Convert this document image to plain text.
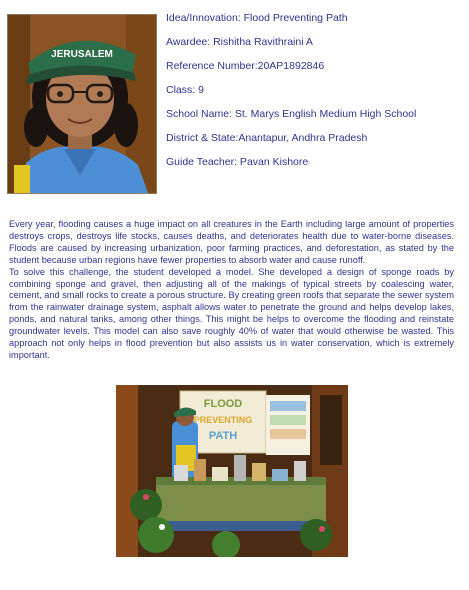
JERUSALEM
Idea/Innovation: Flood Preventing Path
Awardee: Rishitha Ravithraini A
Reference Number:20AP1892846
Class: 9
School Name: St. Marys English Medium High School
District & State:Anantapur, Andhra Pradesh
Guide Teacher: Pavan Kishore

Every year, flooding causes a huge impact on all creatures in the Earth including large amount of properties destroys crops, destroys life stocks, causes deaths, and deteriorates health due to water-borne diseases. Floods are caused by increasing urbanization, poor farming practices, and deforestation, as stated by the student because urban regions have fewer properties to absorb water and cause runoff.

To solve this challenge, the student developed a model. She developed a design of sponge roads by combining sponge and gravel, then adjusting all of the makings of typical streets by coalescing water, cement, and small rocks to create a porous structure. By creating green roofs that separate the sewer system from the rainwater drainage system, asphalt allows water to penetrate the ground and helps develop lakes, ponds, and natural tanks, among other things. This might be helps to overcome the flooding and reinstate groundwater levels. This model can also save roughly 40% of water that would otherwise be wasted. This approach not only helps in flood prevention but also assists us in water conservation, which is extremely important.

FLOOD
PREVENTING
PATH
